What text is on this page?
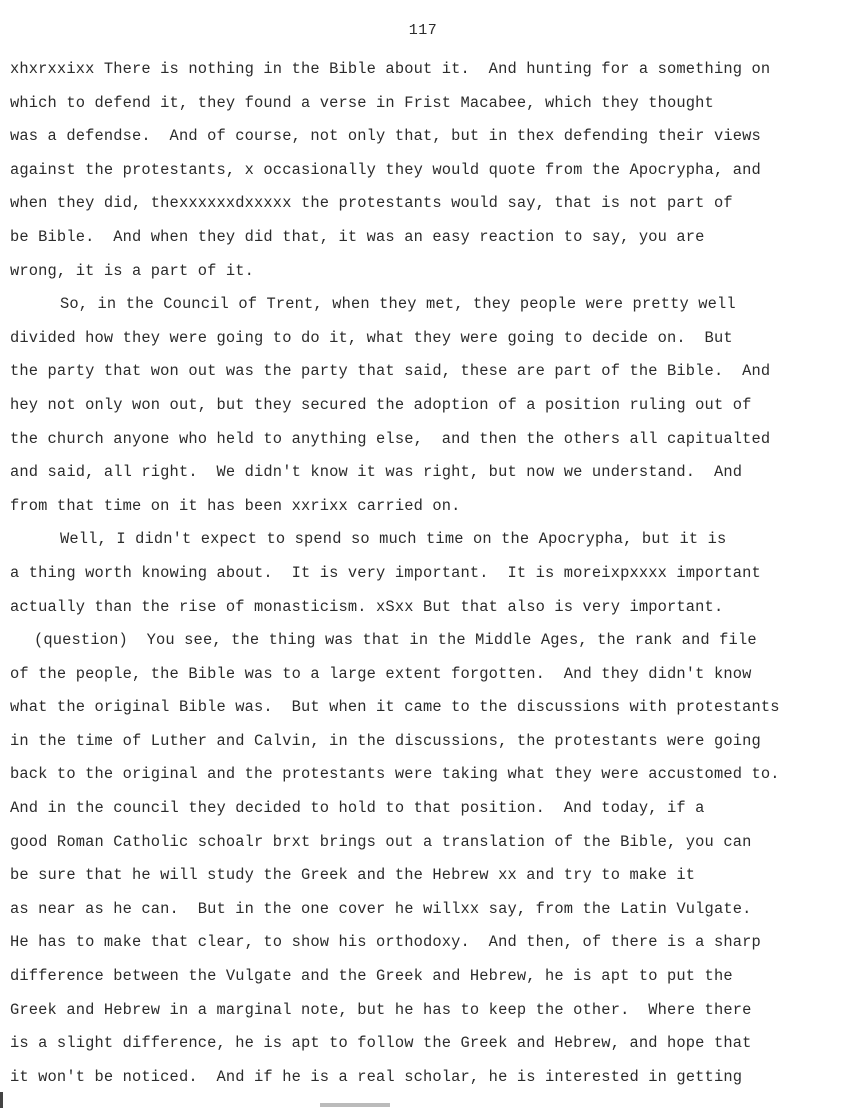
117
xhxrxxixx There is nothing in the Bible about it.  And hunting for a something on
which to defend it, they found a verse in Frist Macabee, which they thought
was a defendse.  And of course, not only that, but in thex defending their views
against the protestants, x occasionally they would quote from the Apocrypha, and
when they did, thexxxxxxdxxxxx the protestants would say, that is not part of
be Bible.  And when they did that, it was an easy reaction to say, you are
wrong, it is a part of it.
So, in the Council of Trent, when they met, they people were pretty well
divided how they were going to do it, what they were going to decide on.  But
the party that won out was the party that said, these are part of the Bible.  And
hey not only won out, but they secured the adoption of a position ruling out of
the church anyone who held to anything else,  and then the others all capitualted
and said, all right.  We didn't know it was right, but now we understand.  And
from that time on it has been xxrixx carried on.
Well, I didn't expect to spend so much time on the Apocrypha, but it is
a thing worth knowing about.  It is very important.  It is moreixpxxxx important
actually than the rise of monasticism. xSxx But that also is very important.
(question)  You see, the thing was that in the Middle Ages, the rank and file
of the people, the Bible was to a large extent forgotten.  And they didn't know
what the original Bible was.  But when it came to the discussions with protestants
in the time of Luther and Calvin, in the discussions, the protestants were going
back to the original and the protestants were taking what they were accustomed to.
And in the council they decided to hold to that position.  And today, if a
good Roman Catholic schoalr brxt brings out a translation of the Bible, you can
be sure that he will study the Greek and the Hebrew xx and try to make it
as near as he can.  But in the one cover he willxx say, from the Latin Vulgate.
He has to make that clear, to show his orthodoxy.  And then, of there is a sharp
difference between the Vulgate and the Greek and Hebrew, he is apt to put the
Greek and Hebrew in a marginal note, but he has to keep the other.  Where there
is a slight difference, he is apt to follow the Greek and Hebrew, and hope that
it won't be noticed.  And if he is a real scholar, he is interested in getting
